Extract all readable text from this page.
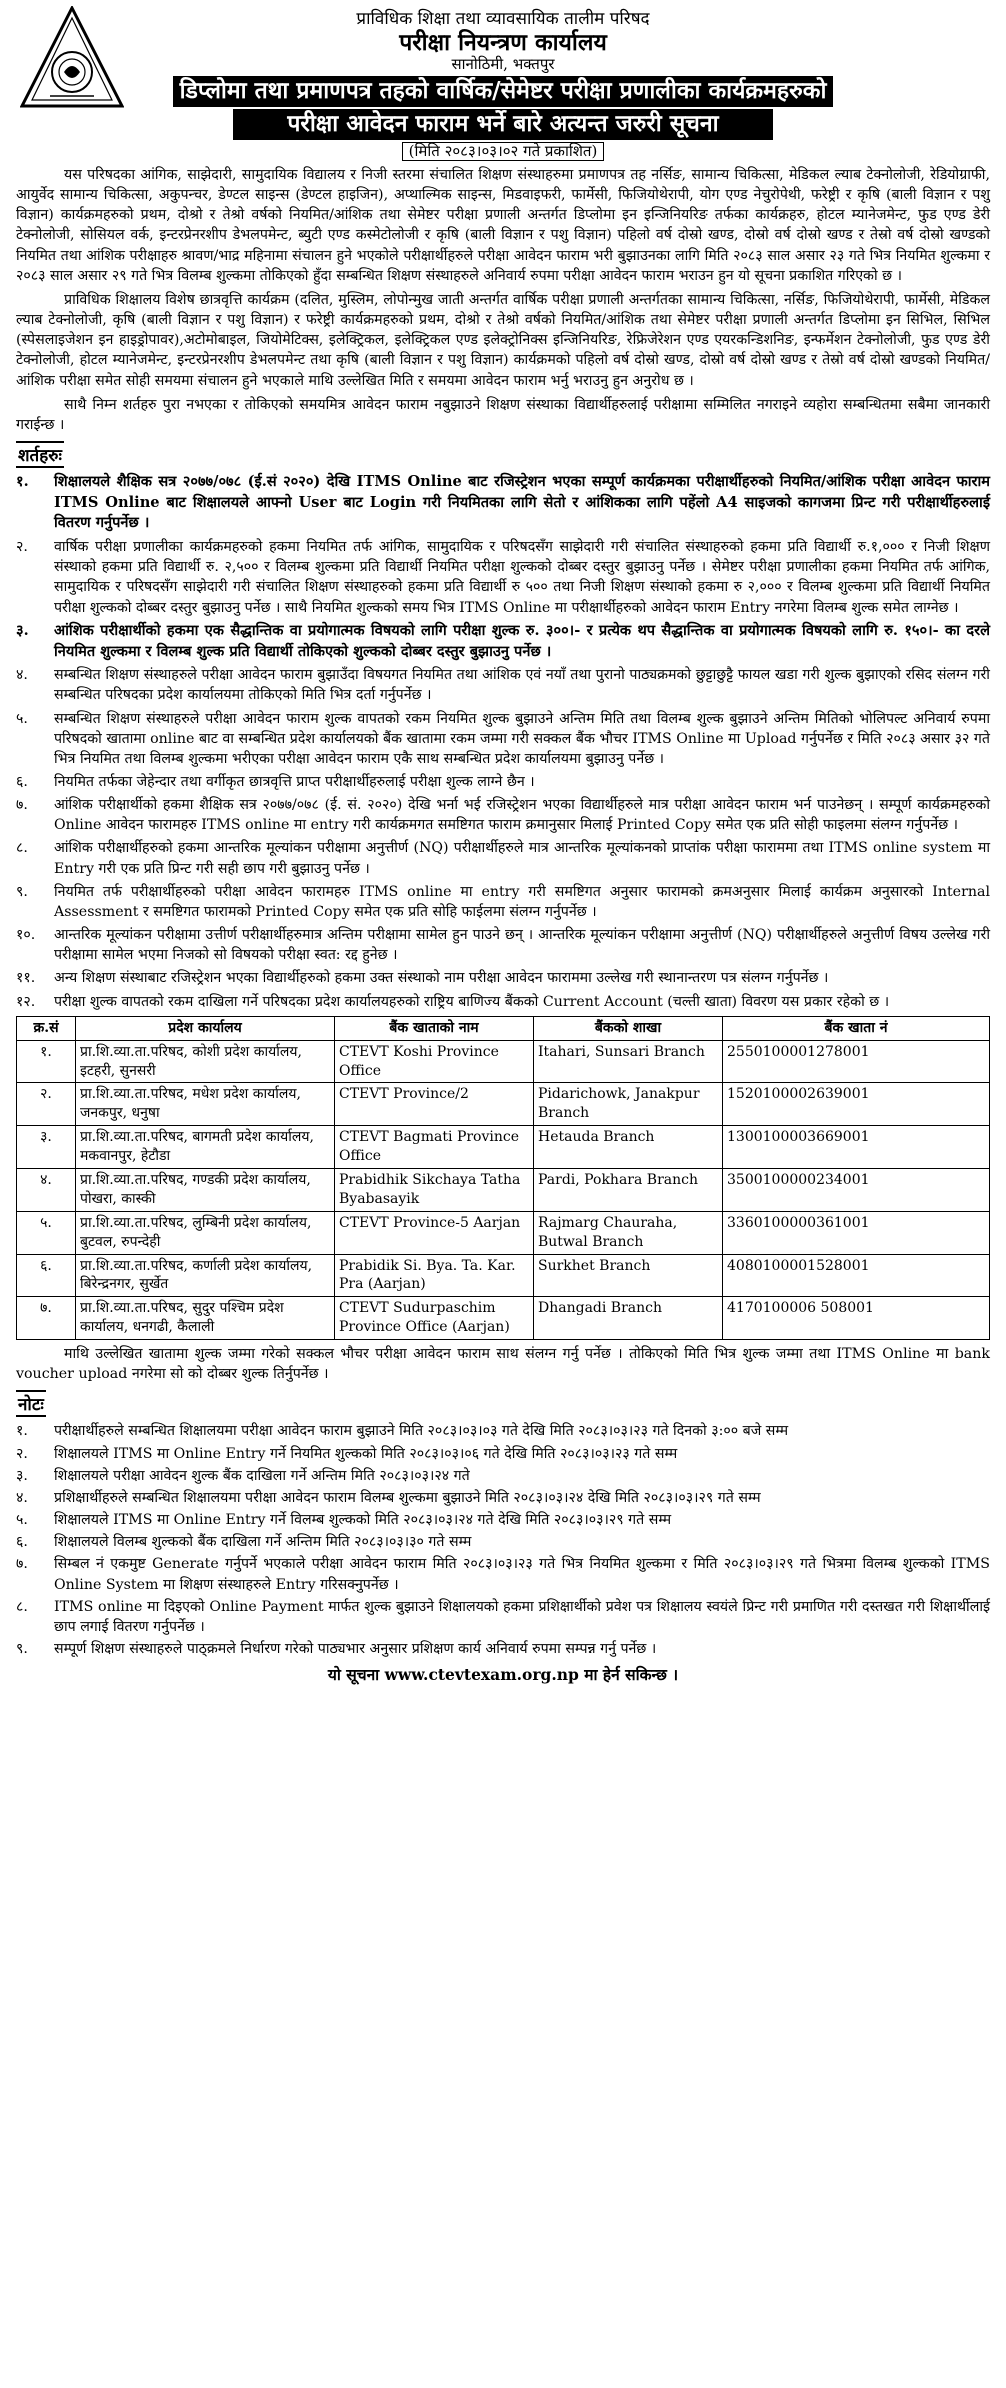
प्राविधिक शिक्षा तथा व्यावसायिक तालीम परिषद
परीक्षा नियन्त्रण कार्यालय
सानोठिमी, भक्तपुर
डिप्लोमा तथा प्रमाणपत्र तहको वार्षिक/सेमेष्टर परीक्षा प्रणालीका कार्यक्रमहरुको
परीक्षा आवेदन फाराम भर्ने बारे अत्यन्त जरुरी सूचना
(मिति २०८३।०३।०२ गते प्रकाशित)

यस परिषदका आंगिक, साझेदारी, सामुदायिक विद्यालय र निजी स्तरमा संचालित शिक्षण संस्थाहरुमा प्रमाणपत्र तह नर्सिङ, सामान्य चिकित्सा, मेडिकल ल्याब टेक्नोलोजी, रेडियोग्राफी, आयुर्वेद सामान्य चिकित्सा, अकुपन्चर, डेण्टल साइन्स (डेण्टल हाइजिन), अप्थाल्मिक साइन्स, मिडवाइफरी, फार्मेसी, फिजियोथेरापी, योग एण्ड नेचुरोपेथी, फरेष्ट्री र कृषि (बाली विज्ञान र पशु विज्ञान) कार्यक्रमहरुको प्रथम, दोश्रो र तेश्रो वर्षको नियमित/आंशिक तथा सेमेष्टर परीक्षा प्रणाली अन्तर्गत डिप्लोमा इन इन्जिनियरिङ तर्फका कार्यक्रहरु, होटल म्यानेजमेन्ट, फुड एण्ड डेरी टेक्नोलोजी, सोसियल वर्क, इन्टरप्रेनरशीप डेभलपमेन्ट, ब्युटी एण्ड कस्मेटोलोजी र कृषि (बाली विज्ञान र पशु विज्ञान) पहिलो वर्ष दोस्रो खण्ड, दोस्रो वर्ष दोस्रो खण्ड र तेस्रो वर्ष दोस्रो खण्डको नियमित तथा आंशिक परीक्षाहरु श्रावण/भाद्र महिनामा संचालन हुने भएकोले परीक्षार्थीहरुले परीक्षा आवेदन फाराम भरी बुझाउनका लागि मिति २०८३ साल असार २३ गते भित्र नियमित शुल्कमा र २०८३ साल असार २९ गते भित्र विलम्ब शुल्कमा तोकिएको हुँदा सम्बन्धित शिक्षण संस्थाहरुले अनिवार्य रुपमा परीक्षा आवेदन फाराम भराउन हुन यो सूचना प्रकाशित गरिएको छ ।

प्राविधिक शिक्षालय विशेष छात्रवृत्ति कार्यक्रम (दलित, मुस्लिम, लोपोन्मुख जाती अन्तर्गत वार्षिक परीक्षा प्रणाली अन्तर्गतका सामान्य चिकित्सा, नर्सिङ, फिजियोथेरापी, फार्मेसी, मेडिकल ल्याब टेक्नोलोजी, कृषि (बाली विज्ञान र पशु विज्ञान) र फरेष्ट्री कार्यक्रमहरुको प्रथम, दोश्रो र तेश्रो वर्षको नियमित/आंशिक तथा सेमेष्टर परीक्षा प्रणाली अन्तर्गत डिप्लोमा इन सिभिल, सिभिल (स्पेसलाइजेशन इन हाइड्रोपावर),अटोमोबाइल, जियोमेटिक्स, इलेक्ट्रिकल, इलेक्ट्रिकल एण्ड इलेक्ट्रोनिक्स इन्जिनियरिङ, रेफ्रिजेरेशन एण्ड एयरकन्डिशनिङ, इन्फर्मेशन टेक्नोलोजी, फुड एण्ड डेरी टेक्नोलोजी, होटल म्यानेजमेन्ट, इन्टरप्रेनरशीप डेभलपमेन्ट तथा कृषि (बाली विज्ञान र पशु विज्ञान) कार्यक्रमको पहिलो वर्ष दोस्रो खण्ड, दोस्रो वर्ष दोस्रो खण्ड र तेस्रो वर्ष दोस्रो खण्डको नियमित/आंशिक परीक्षा समेत सोही समयमा संचालन हुने भएकाले माथि उल्लेखित मिति र समयमा आवेदन फाराम भर्नु भराउनु हुन अनुरोध छ ।

साथै निम्न शर्तहरु पुरा नभएका र तोकिएको समयमित्र आवेदन फाराम नबुझाउने शिक्षण संस्थाका विद्यार्थीहरुलाई परीक्षामा सम्मिलित नगराइने व्यहोरा सम्बन्धितमा सबैमा जानकारी गराईन्छ ।

शर्तहरुः
१.	शिक्षालयले शैक्षिक सत्र २०७७/०७८ (ई.सं २०२०) देखि ITMS Online बाट रजिस्ट्रेशन भएका सम्पूर्ण कार्यक्रमका परीक्षार्थीहरुको नियमित/आंशिक परीक्षा आवेदन फाराम ITMS Online बाट शिक्षालयले आफ्नो User बाट Login गरी नियमितका लागि सेतो र आंशिकका लागि पहेंलो A4 साइजको कागजमा प्रिन्ट गरी परीक्षार्थीहरुलाई वितरण गर्नुपर्नेछ ।
२.	वार्षिक परीक्षा प्रणालीका कार्यक्रमहरुको हकमा नियमित तर्फ आंगिक, सामुदायिक र परिषदसँग साझेदारी गरी संचालित संस्थाहरुको हकमा प्रति विद्यार्थी रु.१,००० र निजी शिक्षण संस्थाको हकमा प्रति विद्यार्थी रु. २,५०० र विलम्ब शुल्कमा प्रति विद्यार्थी नियमित परीक्षा शुल्कको दोब्बर दस्तुर बुझाउनु पर्नेछ । सेमेष्टर परीक्षा प्रणालीका हकमा नियमित तर्फ आंगिक, सामुदायिक र परिषदसँग साझेदारी गरी संचालित शिक्षण संस्थाहरुको हकमा प्रति विद्यार्थी रु ५०० तथा निजी शिक्षण संस्थाको हकमा रु २,००० र विलम्ब शुल्कमा प्रति विद्यार्थी नियमित परीक्षा शुल्कको दोब्बर दस्तुर बुझाउनु पर्नेछ । साथै नियमित शुल्कको समय भित्र ITMS Online मा परीक्षार्थीहरुको आवेदन फाराम Entry नगरेमा विलम्ब शुल्क समेत लाग्नेछ ।
३.	आंशिक परीक्षार्थीको हकमा एक सैद्धान्तिक वा प्रयोगात्मक विषयको लागि परीक्षा शुल्क रु. ३००।- र प्रत्येक थप सैद्धान्तिक वा प्रयोगात्मक विषयको लागि रु. १५०।- का दरले नियमित शुल्कमा र विलम्ब शुल्क प्रति विद्यार्थी तोकिएको शुल्कको दोब्बर दस्तुर बुझाउनु पर्नेछ ।
४.	सम्बन्धित शिक्षण संस्थाहरुले परीक्षा आवेदन फाराम बुझाउँदा विषयगत नियमित तथा आंशिक एवं नयाँ तथा पुरानो पाठ्यक्रमको छुट्टाछुट्टै फायल खडा गरी शुल्क बुझाएको रसिद संलग्न गरी सम्बन्धित परिषदका प्रदेश कार्यालयमा तोकिएको मिति भित्र दर्ता गर्नुपर्नेछ ।
५.	सम्बन्धित शिक्षण संस्थाहरुले परीक्षा आवेदन फाराम शुल्क वापतको रकम नियमित शुल्क बुझाउने अन्तिम मिति तथा विलम्ब शुल्क बुझाउने अन्तिम मितिको भोलिपल्ट अनिवार्य रुपमा परिषदको खातामा online बाट वा सम्बन्धित प्रदेश कार्यालयको बैंक खातामा रकम जम्मा गरी सक्कल बैंक भौचर ITMS Online मा Upload गर्नुपर्नेछ र मिति २०८३ असार ३२ गते भित्र नियमित तथा विलम्ब शुल्कमा भरीएका परीक्षा आवेदन फाराम एकै साथ सम्बन्धित प्रदेश कार्यालयमा बुझाउनु पर्नेछ ।
६.	नियमित तर्फका जेहेन्दार तथा वर्गीकृत छात्रवृत्ति प्राप्त परीक्षार्थीहरुलाई परीक्षा शुल्क लाग्ने छैन ।
७.	आंशिक परीक्षार्थीको हकमा शैक्षिक सत्र २०७७/०७८ (ई. सं. २०२०) देखि भर्ना भई रजिस्ट्रेशन भएका विद्यार्थीहरुले मात्र परीक्षा आवेदन फाराम भर्न पाउनेछन् । सम्पूर्ण कार्यक्रमहरुको Online आवेदन फारामहरु ITMS online मा entry गरी कार्यक्रमगत समष्टिगत फाराम क्रमानुसार मिलाई Printed Copy समेत एक प्रति सोही फाइलमा संलग्न गर्नुपर्नेछ ।
८.	आंशिक परीक्षार्थीहरुको हकमा आन्तरिक मूल्यांकन परीक्षामा अनुत्तीर्ण (NQ) परीक्षार्थीहरुले मात्र आन्तरिक मूल्यांकनको प्राप्तांक परीक्षा फाराममा तथा ITMS online system मा Entry गरी एक प्रति प्रिन्ट गरी सही छाप गरी बुझाउनु पर्नेछ ।
९.	नियमित तर्फ परीक्षार्थीहरुको परीक्षा आवेदन फारामहरु ITMS online मा entry गरी समष्टिगत अनुसार फारामको क्रमअनुसार मिलाई कार्यक्रम अनुसारको Internal Assessment र समष्टिगत फारामको Printed Copy समेत एक प्रति सोहि फाईलमा संलग्न गर्नुपर्नेछ ।
१०.	आन्तरिक मूल्यांकन परीक्षामा उत्तीर्ण परीक्षार्थीहरुमात्र अन्तिम परीक्षामा सामेल हुन पाउने छन् । आन्तरिक मूल्यांकन परीक्षामा अनुत्तीर्ण (NQ) परीक्षार्थीहरुले अनुत्तीर्ण विषय उल्लेख गरी परीक्षामा सामेल भएमा निजको सो विषयको परीक्षा स्वत: रद्द हुनेछ ।
११.	अन्य शिक्षण संस्थाबाट रजिस्ट्रेशन भएका विद्यार्थीहरुको हकमा उक्त संस्थाको नाम परीक्षा आवेदन फाराममा उल्लेख गरी स्थानान्तरण पत्र संलग्न गर्नुपर्नेछ ।
१२.	परीक्षा शुल्क वापतको रकम दाखिला गर्ने परिषदका प्रदेश कार्यालयहरुको राष्ट्रिय बाणिज्य बैंकको Current Account (चल्ती खाता) विवरण यस प्रकार रहेको छ ।
क्र.सं	प्रदेश कार्यालय	बैंक खाताको नाम	बैंकको शाखा	बैंक खाता नं
१.	प्रा.शि.व्या.ता.परिषद, कोशी प्रदेश कार्यालय, इटहरी, सुनसरी	CTEVT Koshi Province Office	Itahari, Sunsari Branch	2550100001278001
२.	प्रा.शि.व्या.ता.परिषद, मधेश प्रदेश कार्यालय, जनकपुर, धनुषा	CTEVT Province/2	Pidarichowk, Janakpur Branch	1520100002639001
३.	प्रा.शि.व्या.ता.परिषद, बागमती प्रदेश कार्यालय, मकवानपुर, हेटौडा	CTEVT Bagmati Province Office	Hetauda Branch	1300100003669001
४.	प्रा.शि.व्या.ता.परिषद, गण्डकी प्रदेश कार्यालय, पोखरा, कास्की	Prabidhik Sikchaya Tatha Byabasayik	Pardi, Pokhara Branch	3500100000234001
५.	प्रा.शि.व्या.ता.परिषद, लुम्बिनी प्रदेश कार्यालय, बुटवल, रुपन्देही	CTEVT Province-5 Aarjan	Rajmarg Chauraha, Butwal Branch	3360100000361001
६.	प्रा.शि.व्या.ता.परिषद, कर्णाली प्रदेश कार्यालय, बिरेन्द्रनगर, सुर्खेत	Prabidik Si. Bya. Ta. Kar. Pra (Aarjan)	Surkhet Branch	4080100001528001
७.	प्रा.शि.व्या.ता.परिषद, सुदुर पश्चिम प्रदेश कार्यालय, धनगढी, कैलाली	CTEVT Sudurpaschim Province Office (Aarjan)	Dhangadi Branch	4170100006 508001
माथि उल्लेखित खातामा शुल्क जम्मा गरेको सक्कल भौचर परीक्षा आवेदन फाराम साथ संलग्न गर्नु पर्नेछ । तोकिएको मिति भित्र शुल्क जम्मा तथा ITMS Online मा bank voucher upload नगरेमा सो को दोब्बर शुल्क तिर्नुपर्नेछ ।
नोटः
१.	परीक्षार्थीहरुले सम्बन्धित शिक्षालयमा परीक्षा आवेदन फाराम बुझाउने मिति २०८३।०३।०३ गते देखि मिति २०८३।०३।२३ गते दिनको ३:०० बजे सम्म
२.	शिक्षालयले ITMS मा Online Entry गर्ने नियमित शुल्कको मिति २०८३।०३।०६ गते देखि मिति २०८३।०३।२३ गते सम्म
३.	शिक्षालयले परीक्षा आवेदन शुल्क बैंक दाखिला गर्ने अन्तिम मिति २०८३।०३।२४ गते
४.	प्रशिक्षार्थीहरुले सम्बन्धित शिक्षालयमा परीक्षा आवेदन फाराम विलम्ब शुल्कमा बुझाउने मिति २०८३।०३।२४ देखि मिति २०८३।०३।२९ गते सम्म
५.	शिक्षालयले ITMS मा Online Entry गर्ने विलम्ब शुल्कको मिति २०८३।०३।२४ गते देखि मिति २०८३।०३।२९ गते सम्म
६.	शिक्षालयले विलम्ब शुल्कको बैंक दाखिला गर्ने अन्तिम मिति २०८३।०३।३० गते सम्म
७.	सिम्बल नं एकमुष्ट Generate गर्नुपर्ने भएकाले परीक्षा आवेदन फाराम मिति २०८३।०३।२३ गते भित्र नियमित शुल्कमा र मिति २०८३।०३।२९ गते भित्रमा विलम्ब शुल्कको ITMS Online System मा शिक्षण संस्थाहरुले Entry गरिसक्नुपर्नेछ ।
८.	ITMS online मा दिइएको Online Payment मार्फत शुल्क बुझाउने शिक्षालयको हकमा प्रशिक्षार्थीको प्रवेश पत्र शिक्षालय स्वयंले प्रिन्ट गरी प्रमाणित गरी दस्तखत गरी शिक्षार्थीलाई छाप लगाई वितरण गर्नुपर्नेछ ।
९.	सम्पूर्ण शिक्षण संस्थाहरुले पाठ्क्रमले निर्धारण गरेको पाठ्यभार अनुसार प्रशिक्षण कार्य अनिवार्य रुपमा सम्पन्न गर्नु पर्नेछ ।
यो सूचना www.ctevtexam.org.np मा हेर्न सकिन्छ ।
